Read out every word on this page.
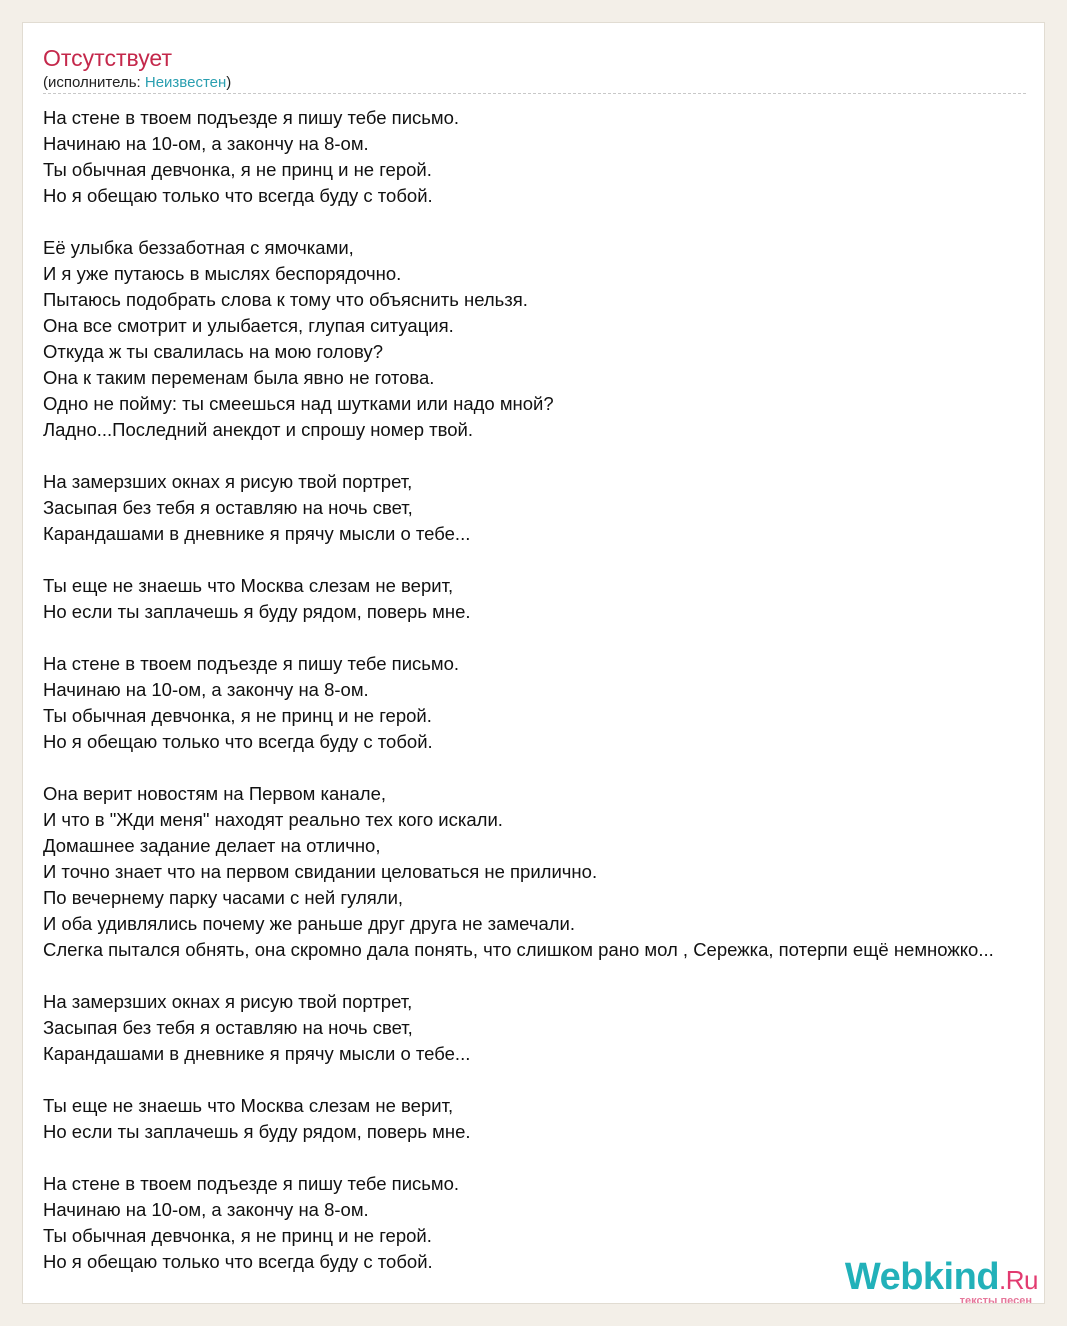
Отсутствует
(исполнитель: Неизвестен)
На стене в твоем подъезде я пишу тебе письмо.
Начинаю на 10-ом, а закончу на 8-ом.
Ты обычная девчонка, я не принц и не герой.
Но я обещаю только что всегда буду с тобой.
Её улыбка беззаботная с ямочками,
И я уже путаюсь в мыслях беспорядочно.
Пытаюсь подобрать слова к тому что объяснить нельзя.
Она все смотрит и улыбается, глупая ситуация.
Откуда ж ты свалилась на мою голову?
Она к таким переменам была явно не готова.
Одно не пойму: ты смеешься над шутками или надо мной?
Ладно...Последний анекдот и спрошу номер твой.
На замерзших окнах я рисую твой портрет,
Засыпая без тебя я оставляю на ночь свет,
Карандашами в дневнике я прячу мысли о тебе...
Ты еще не знаешь что Москва слезам не верит,
Но если ты заплачешь я буду рядом, поверь мне.
На стене в твоем подъезде я пишу тебе письмо.
Начинаю на 10-ом, а закончу на 8-ом.
Ты обычная девчонка, я не принц и не герой.
Но я обещаю только что всегда буду с тобой.
Она верит новостям на Первом канале,
И что в "Жди меня" находят реально тех кого искали.
Домашнее задание делает на отлично,
И точно знает что на первом свидании целоваться не прилично.
По вечернему парку часами с ней гуляли,
И оба удивлялись почему же раньше друг друга не замечали.
Слегка пытался обнять, она скромно дала понять, что слишком рано мол , Сережка, потерпи ещё немножко...
На замерзших окнах я рисую твой портрет,
Засыпая без тебя я оставляю на ночь свет,
Карандашами в дневнике я прячу мысли о тебе...
Ты еще не знаешь что Москва слезам не верит,
Но если ты заплачешь я буду рядом, поверь мне.
На стене в твоем подъезде я пишу тебе письмо.
Начинаю на 10-ом, а закончу на 8-ом.
Ты обычная девчонка, я не принц и не герой.
Но я обещаю только что всегда буду с тобой.	Webkind.Ru
тексты песен
